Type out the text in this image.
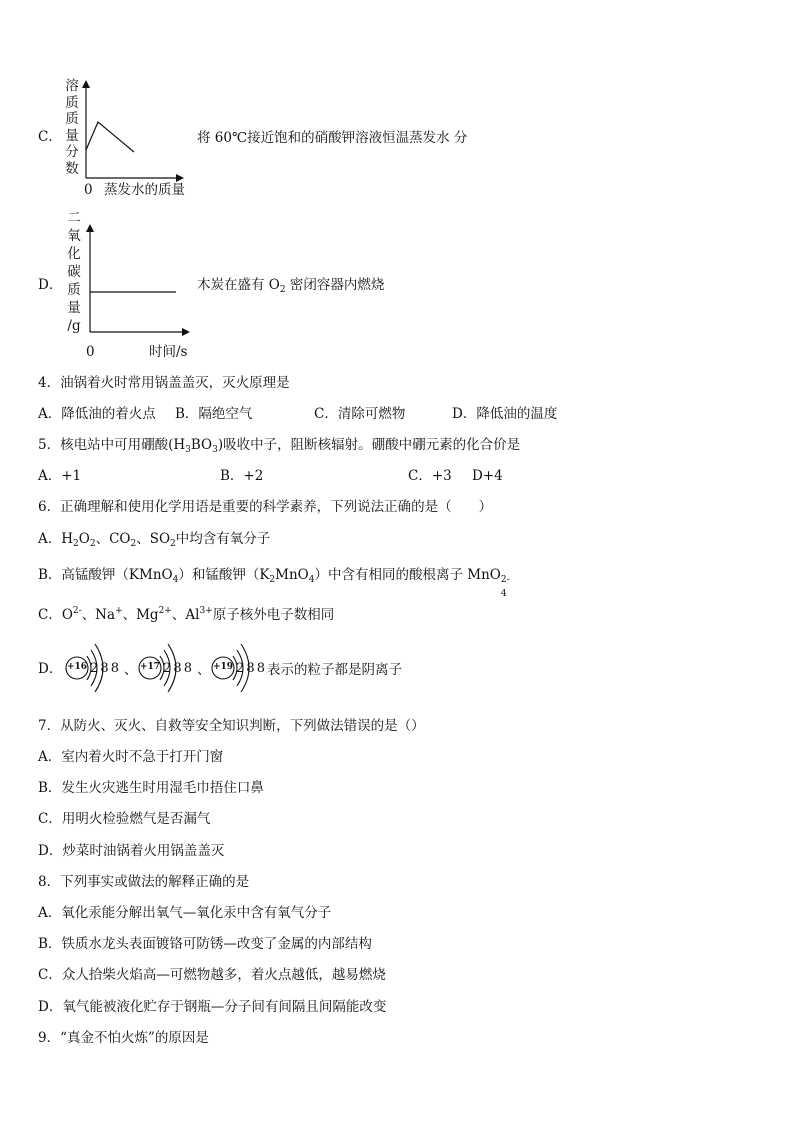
C．
溶
质
质
量
分
数
0 蒸发水的质量
将 60℃接近饱和的硝酸钾溶液恒温蒸发水 分
D．
二
氧
化
碳
质
量
/g
0	时间/s
木炭在盛有 $O_2$ 密闭容器内燃烧
4．油锅着火时常用锅盖盖灭，灭火原理是
A．降低油的着火点 B．隔绝空气	C．清除可燃物	D．降低油的温度
5．核电站中可用硼酸$(H_3BO_3)$吸收中子，阻断核辐射。硼酸中硼元素的化合价是
A．+1	B．+2	C．+3 D+4
6．正确理解和使用化学用语是重要的科学素养，下列说法正确的是（　　）
A．$H_2O_2$、$CO_2$、$SO_2$中均含有氧分子
B．高锰酸钾（KMnO$_4$）和锰酸钾$(K_2MnO_4)$中含有相同的酸根离子 MnO
4
2-
C．$O^{2-}$、Na+、$Mg^{2+}$、$Al^{3+}$原子核外电子数相同
D． +16 2 8 8 、 +17 2 8 8 、 +19 2 8 8 表示的粒子都是阴离子
7．从防火、灭火、自救等安全知识判断，下列做法错误的是（）
A．室内着火时不急于打开门窗
B．发生火灾逃生时用湿毛巾捂住口鼻
C．用明火检验燃气是否漏气
D．炒菜时油锅着火用锅盖盖灭
8．下列事实或做法的解释正确的是
A．氧化汞能分解出氧气—氧化汞中含有氧气分子
B．铁质水龙头表面镀铬可防锈—改变了金属的内部结构
C．众人拾柴火焰高—可燃物越多，着火点越低，越易燃烧
D．氧气能被液化贮存于钢瓶—分子间有间隔且间隔能改变
9．“真金不怕火炼”的原因是
